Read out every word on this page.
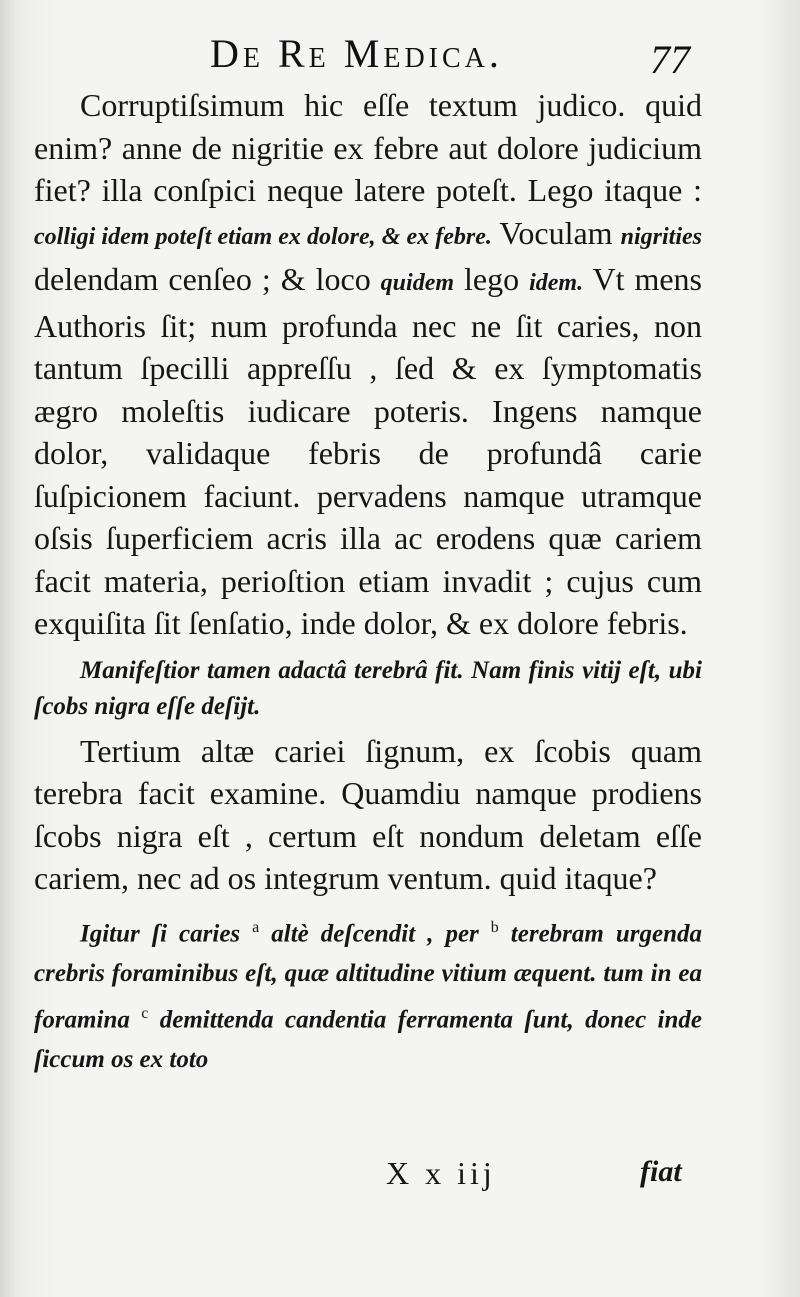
De Re Medica.	77

Corruptiſsimum hic eſſe textum judico. quid enim? anne de nigritie ex febre aut dolore judicium fiet? illa conſpici neque latere poteſt. Lego itaque : colligi idem poteſt etiam ex dolore, & ex febre. Voculam nigrities delendam cenſeo ; & loco quidem lego idem. Vt mens Authoris ſit; num profunda nec ne ſit caries, non tantum ſpecilli appreſſu , ſed & ex ſymptomatis ægro moleſtis iudicare poteris. Ingens namque dolor, validaque febris de profundâ carie ſuſpicionem faciunt. pervadens namque utramque oſsis ſuperficiem acris illa ac erodens quæ cariem facit materia, perioſtion etiam invadit ; cujus cum exquiſita ſit ſenſatio, inde dolor, & ex dolore febris.

Manifeſtior tamen adactâ terebrâ fit. Nam finis vitij eſt, ubi ſcobs nigra eſſe deſijt.

Tertium altæ cariei ſignum, ex ſcobis quam terebra facit examine. Quamdiu namque prodiens ſcobs nigra eſt , certum eſt nondum deletam eſſe cariem, nec ad os integrum ventum. quid itaque?

Igitur ſi caries $^a$ altè deſcendit , per $^b$ terebram urgenda crebris foraminibus eſt, quæ altitudine vitium æquent. tum in ea foramina $^c$ demittenda candentia ferramenta ſunt, donec inde ſiccum os ex toto

X x iij	fiat
